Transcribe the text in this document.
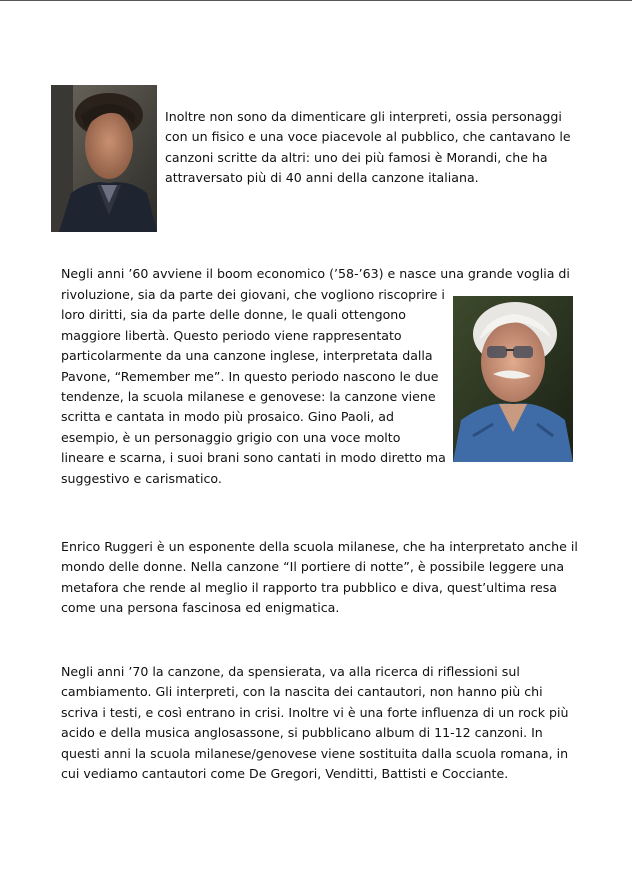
Inoltre non sono da dimenticare gli interpreti, ossia personaggi con un fisico e una voce piacevole al pubblico, che cantavano le canzoni scritte da altri: uno dei più famosi è Morandi, che ha attraversato più di 40 anni della canzone italiana.

Negli anni ’60 avviene il boom economico (’58-’63) e nasce una grande voglia di

rivoluzione, sia da parte dei giovani, che vogliono riscoprire i loro diritti, sia da parte delle donne, le quali ottengono maggiore libertà. Questo periodo viene rappresentato particolarmente da una canzone inglese, interpretata dalla Pavone, “Remember me”. In questo periodo nascono le due tendenze, la scuola milanese e genovese: la canzone viene scritta e cantata in modo più prosaico. Gino Paoli, ad esempio, è un personaggio grigio con una voce molto lineare e scarna, i suoi brani sono cantati in modo diretto ma suggestivo e carismatico.

Enrico Ruggeri è un esponente della scuola milanese, che ha interpretato anche il mondo delle donne. Nella canzone “Il portiere di notte”, è possibile leggere una metafora che rende al meglio il rapporto tra pubblico e diva, quest’ultima resa come una persona fascinosa ed enigmatica.

Negli anni ’70 la canzone, da spensierata, va alla ricerca di riflessioni sul cambiamento. Gli interpreti, con la nascita dei cantautori, non hanno più chi scriva i testi, e così entrano in crisi. Inoltre vi è una forte influenza di un rock più acido e della musica anglosassone, si pubblicano album di 11-12 canzoni. In questi anni la scuola milanese/genovese viene sostituita dalla scuola romana, in cui vediamo cantautori come De Gregori, Venditti, Battisti e Cocciante.
